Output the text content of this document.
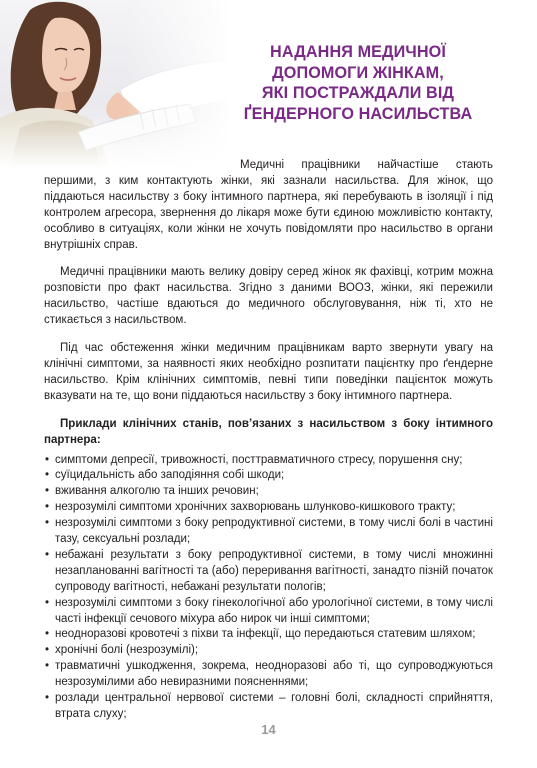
НАДАННЯ МЕДИЧНОЇ
ДОПОМОГИ ЖІНКАМ,
ЯКІ ПОСТРАЖДАЛИ ВІД
ҐЕНДЕРНОГО НАСИЛЬСТВА

Медичні працівники найчастіше стають першими, з ким контактують жінки, які зазнали насильства. Для жінок, що піддаються насильству з боку інтимного партнера, які перебувають в ізоляції і під контролем агресора, звернення до лікаря може бути єдиною можливістю контакту, особливо в ситуаціях, коли жінки не хочуть повідомляти про насильство в органи внутрішніх справ.

Медичні працівники мають велику довіру серед жінок як фахівці, котрим можна розповісти про факт насильства. Згідно з даними ВООЗ, жінки, які пережили насильство, частіше вдаються до медичного обслуговування, ніж ті, хто не стикається з насильством.

Під час обстеження жінки медичним працівникам варто звернути увагу на клінічні симптоми, за наявності яких необхідно розпитати пацієнтку про ґендерне насильство. Крім клінічних симптомів, певні типи поведінки пацієнток можуть вказувати на те, що вони піддаються насильству з боку інтимного партнера.

Приклади клінічних станів, пов’язаних з насильством з боку інтимного партнера:

• симптоми депресії, тривожності, посттравматичного стресу, порушення сну;
• суїцидальність або заподіяння собі шкоди;
• вживання алкоголю та інших речовин;
• незрозумілі симптоми хронічних захворювань шлунково-кишкового тракту;
• незрозумілі симптоми з боку репродуктивної системи, в тому числі болі в частині тазу, сексуальні розлади;
• небажані результати з боку репродуктивної системи, в тому числі множинні незапланованні вагітності та (або) переривання вагітності, занадто пізній початок супроводу вагітності, небажані результати пологів;
• незрозумілі симптоми з боку гінекологічної або урологічної системи, в тому числі часті інфекції сечового міхура або нирок чи інші симптоми;
• неодноразові кровотечі з піхви та інфекції, що передаються статевим шляхом;
• хронічні болі (незрозумілі);
• травматичні ушкодження, зокрема, неодноразові або ті, що супроводжуються незрозумілими або невиразними поясненнями;
• розлади центральної нервової системи – головні болі, складності сприйняття, втрата слуху;
14
